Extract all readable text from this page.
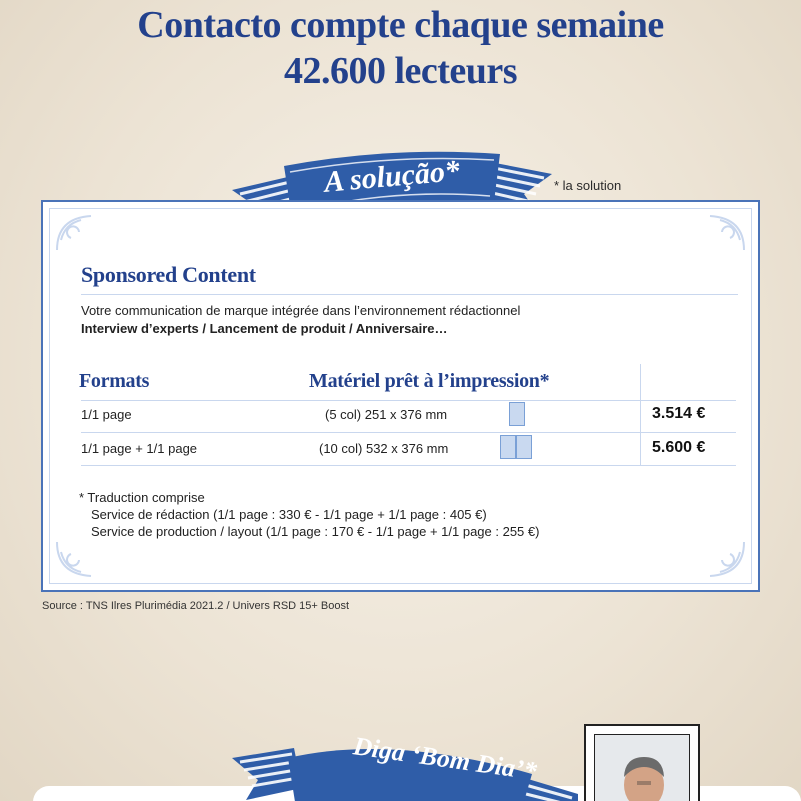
Contacto compte chaque semaine
42.600 lecteurs
A solução*	* la solution
Sponsored Content
Votre communication de marque intégrée dans l’environnement rédactionnel
Interview d’experts / Lancement de produit / Anniversaire…
Formats	Matériel prêt à l’impression*
1/1 page	(5 col) 251 x 376 mm	3.514 €
1/1 page + 1/1 page	(10 col) 532 x 376 mm	5.600 €
* Traduction comprise
Service de rédaction (1/1 page : 330 € - 1/1 page + 1/1 page : 405 €)
Service de production / layout (1/1 page : 170 € - 1/1 page + 1/1 page : 255 €)
Source : TNS Ilres Plurimédia 2021.2 / Univers RSD 15+ Boost
Diga ‘Bom Dia’*
